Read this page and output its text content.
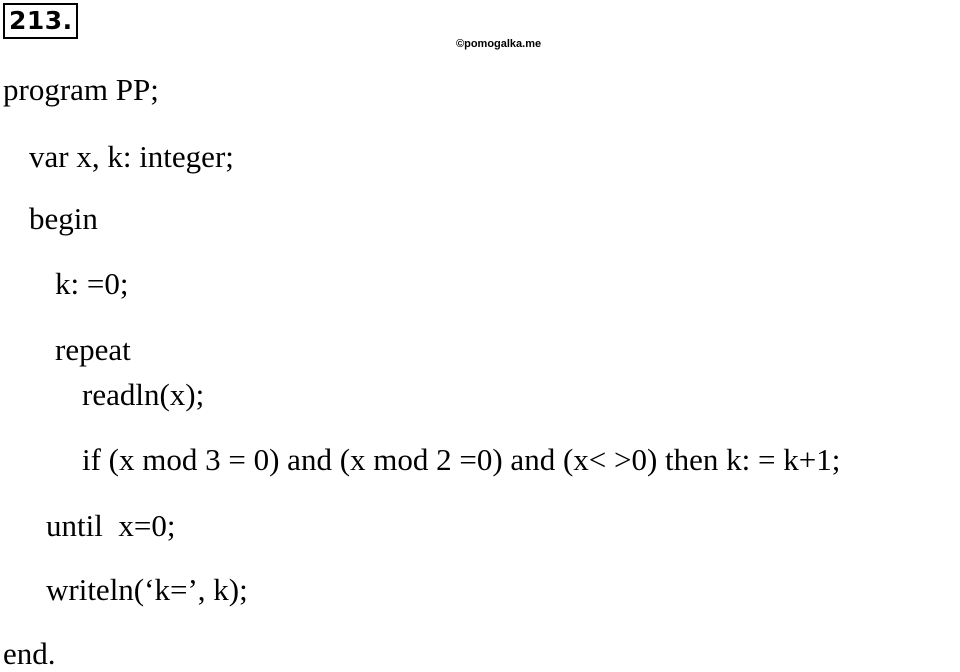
213.
©pomogalka.me

program PP;

var x, k: integer;

begin

k: =0;

repeat

readln(x);

if (x mod 3 = 0) and (x mod 2 =0) and (x< >0) then k: = k+1;

until  x=0;

writeln(‘k=’, k);

end.
